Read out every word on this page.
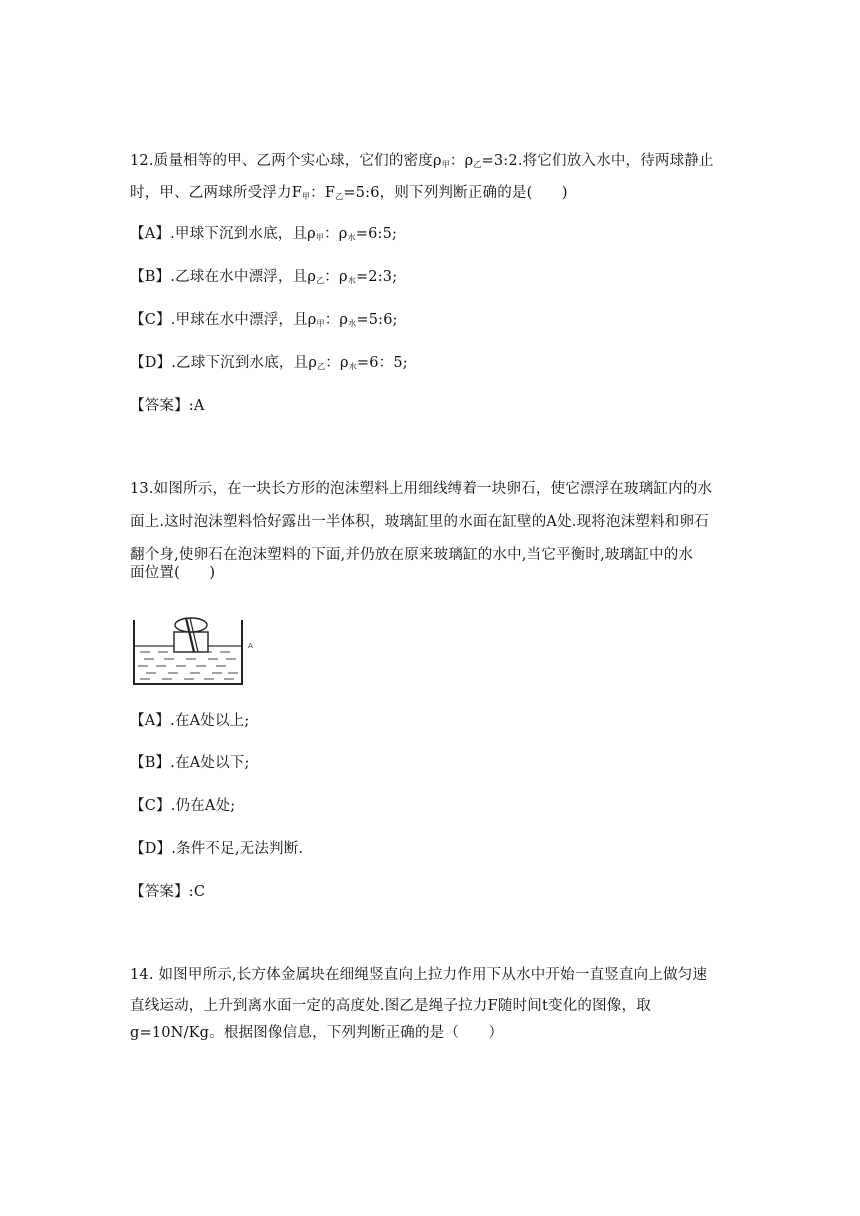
12.质量相等的甲、乙两个实心球，它们的密度$\rho_甲$：$\rho_乙=3:2$.将它们放入水中，待两球静止
时，甲、乙两球所受浮力$F_甲$：$F_乙=5:6$，则下列判断正确的是(　　)
【A】.甲球下沉到水底，且$\rho_甲$：$\rho_水=6:5$;
【B】.乙球在水中漂浮，且$\rho_乙$：$\rho_水=2:3$;
【C】.甲球在水中漂浮，且$\rho_甲$：$\rho_水=5:6$;
【D】.乙球下沉到水底，且$\rho_乙$：$\rho_水=6$：5;
【答案】:A
13.如图所示，在一块长方形的泡沫塑料上用细线缚着一块卵石，使它漂浮在玻璃缸内的水
面上.这时泡沫塑料恰好露出一半体积，玻璃缸里的水面在缸壁的A处.现将泡沫塑料和卵石
翻个身,使卵石在泡沫塑料的下面,并仍放在原来玻璃缸的水中,当它平衡时,玻璃缸中的水
面位置(　　)
A
【A】.在A处以上;
【B】.在A处以下;
【C】.仍在A处;
【D】.条件不足,无法判断.
【答案】:C
14. 如图甲所示,长方体金属块在细绳竖直向上拉力作用下从水中开始一直竖直向上做匀速
直线运动，上升到离水面一定的高度处.图乙是绳子拉力F随时间t变化的图像，取
g=10N/Kg。根据图像信息，下列判断正确的是（　　）
